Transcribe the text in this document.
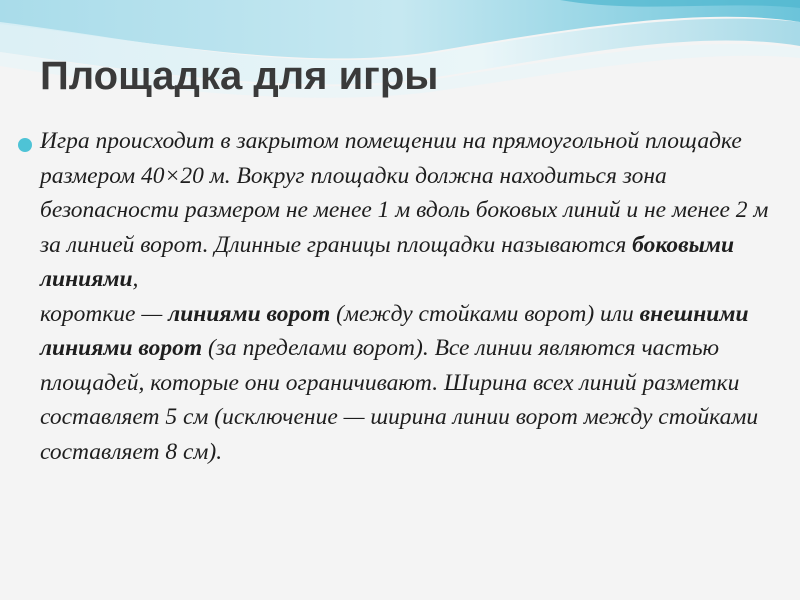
Площадка для игры

Игра происходит в закрытом помещении на прямоугольной площадке размером 40×20 м. Вокруг площадки должна находиться зона безопасности размером не менее 1 м вдоль боковых линий и не менее 2 м за линией ворот. Длинные границы площадки называются боковыми линиями,
короткие — линиями ворот (между стойками ворот) или внешними линиями ворот (за пределами ворот). Все линии являются частью площадей, которые они ограничивают. Ширина всех линий разметки составляет 5 см (исключение — ширина линии ворот между стойками составляет 8 см).
